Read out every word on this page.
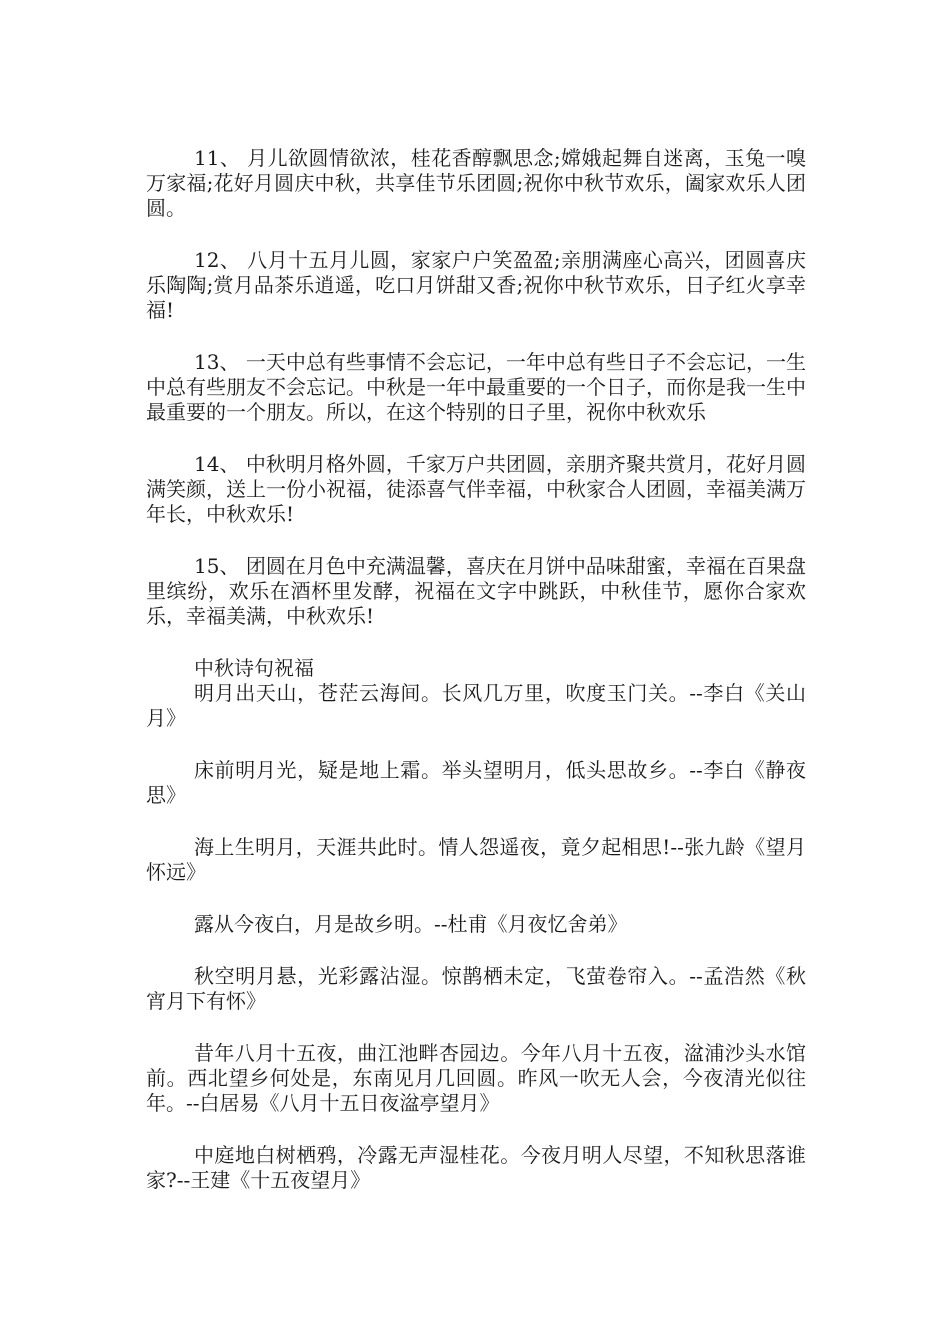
11、 月儿欲圆情欲浓，桂花香醇飘思念;嫦娥起舞自迷离，玉兔一嗅万家福;花好月圆庆中秋，共享佳节乐团圆;祝你中秋节欢乐，阖家欢乐人团圆。

12、 八月十五月儿圆，家家户户笑盈盈;亲朋满座心高兴，团圆喜庆乐陶陶;赏月品茶乐逍遥，吃口月饼甜又香;祝你中秋节欢乐，日子红火享幸福!

13、 一天中总有些事情不会忘记，一年中总有些日子不会忘记，一生中总有些朋友不会忘记。中秋是一年中最重要的一个日子，而你是我一生中最重要的一个朋友。所以，在这个特别的日子里，祝你中秋欢乐

14、 中秋明月格外圆，千家万户共团圆，亲朋齐聚共赏月，花好月圆满笑颜，送上一份小祝福，徒添喜气伴幸福，中秋家合人团圆，幸福美满万年长，中秋欢乐!

15、 团圆在月色中充满温馨，喜庆在月饼中品味甜蜜，幸福在百果盘里缤纷，欢乐在酒杯里发酵，祝福在文字中跳跃，中秋佳节，愿你合家欢乐，幸福美满，中秋欢乐!

中秋诗句祝福

明月出天山，苍茫云海间。长风几万里，吹度玉门关。--李白《关山月》

床前明月光，疑是地上霜。举头望明月，低头思故乡。--李白《静夜思》

海上生明月，天涯共此时。情人怨遥夜，竟夕起相思!--张九龄《望月怀远》

露从今夜白，月是故乡明。--杜甫《月夜忆舍弟》

秋空明月悬，光彩露沾湿。惊鹊栖未定，飞萤卷帘入。--孟浩然《秋宵月下有怀》

昔年八月十五夜，曲江池畔杏园边。今年八月十五夜，湓浦沙头水馆前。西北望乡何处是，东南见月几回圆。昨风一吹无人会，今夜清光似往年。--白居易《八月十五日夜湓亭望月》

中庭地白树栖鸦，冷露无声湿桂花。今夜月明人尽望，不知秋思落谁家?--王建《十五夜望月》
